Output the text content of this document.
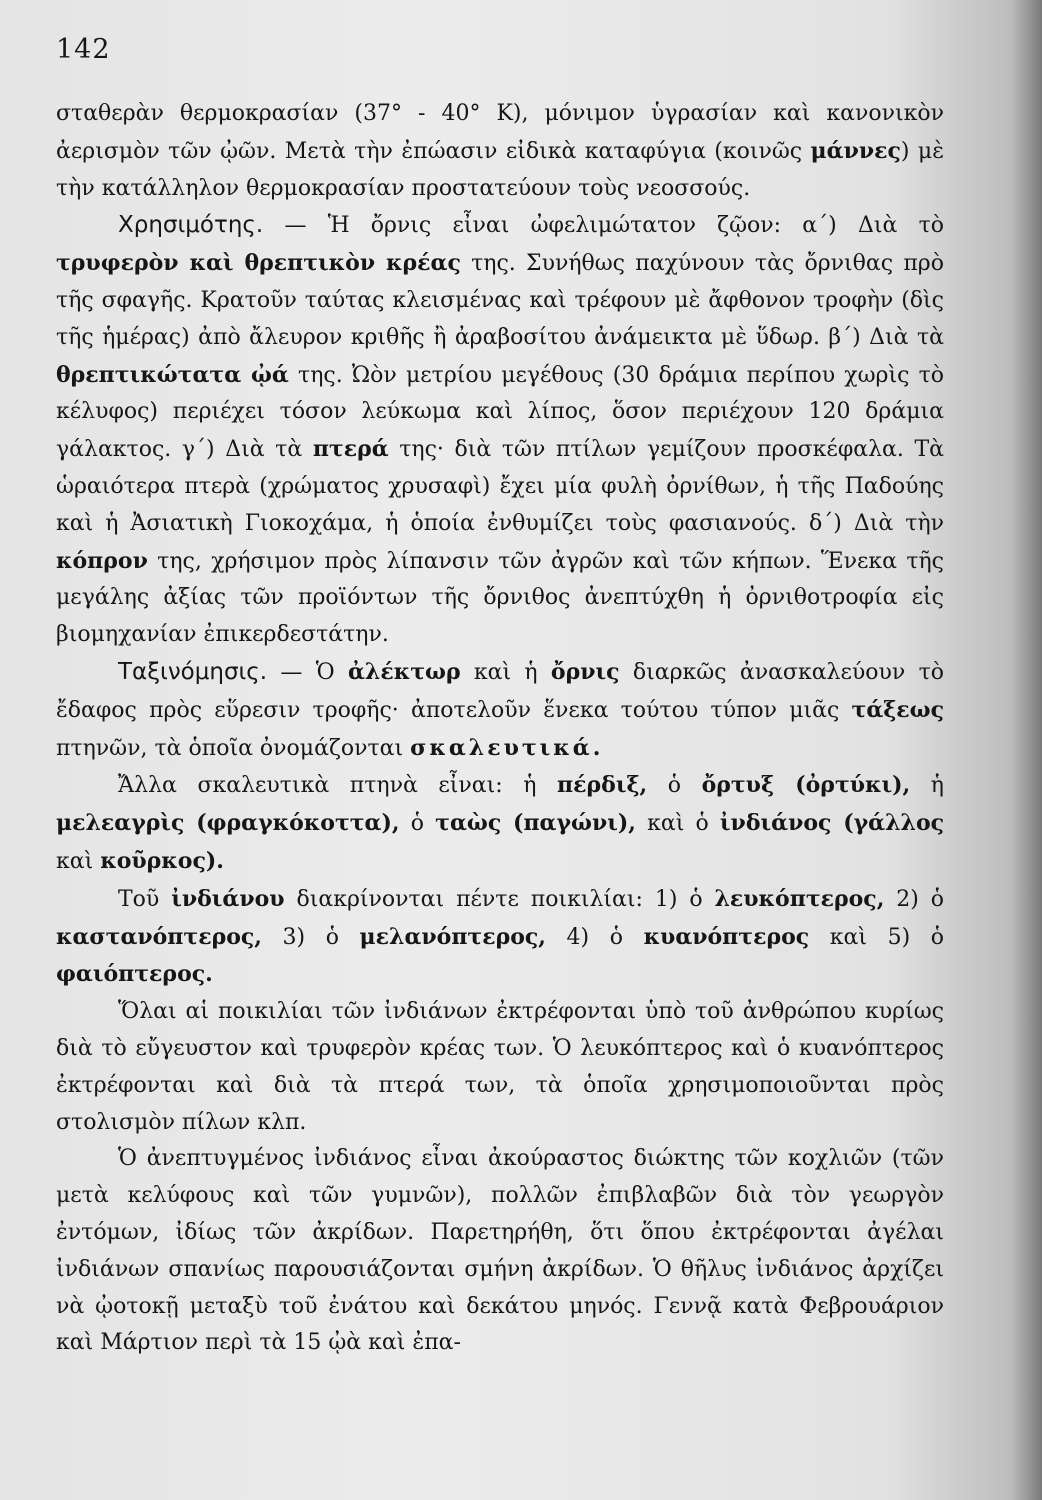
142

σταθερὰν θερμοκρασίαν (37° - 40° Κ), μόνιμον ὑγρασίαν καὶ κανονικὸν ἀερισμὸν τῶν ᾠῶν. Μετὰ τὴν ἐπώασιν εἰδικὰ καταφύγια (κοινῶς μάννες) μὲ τὴν κατάλληλον θερμοκρασίαν προστατεύουν τοὺς νεοσσούς.

Χρησιμότης. — Ἡ ὄρνις εἶναι ὠφελιμώτατον ζῷον: α΄) Διὰ τὸ τρυφερὸν καὶ θρεπτικὸν κρέας της. Συνήθως παχύνουν τὰς ὄρνιθας πρὸ τῆς σφαγῆς. Κρατοῦν ταύτας κλεισμένας καὶ τρέφουν μὲ ἄφθονον τροφὴν (δὶς τῆς ἡμέρας) ἀπὸ ἄλευρον κριθῆς ἢ ἀραβοσίτου ἀνάμεικτα μὲ ὕδωρ. β΄) Διὰ τὰ θρεπτικώτατα ᾠά της. Ὠὸν μετρίου μεγέθους (30 δράμια περίπου χωρὶς τὸ κέλυφος) περιέχει τόσον λεύκωμα καὶ λίπος, ὅσον περιέχουν 120 δράμια γάλακτος. γ΄) Διὰ τὰ πτερά της· διὰ τῶν πτίλων γεμίζουν προσκέφαλα. Τὰ ὡραιότερα πτερὰ (χρώματος χρυσαφὶ) ἔχει μία φυλὴ ὀρνίθων, ἡ τῆς Παδούης καὶ ἡ Ἀσιατικὴ Γιοκοχάμα, ἡ ὁποία ἐνθυμίζει τοὺς φασιανούς. δ΄) Διὰ τὴν κόπρον της, χρήσιμον πρὸς λίπανσιν τῶν ἀγρῶν καὶ τῶν κήπων. Ἕνεκα τῆς μεγάλης ἀξίας τῶν προϊόντων τῆς ὄρνιθος ἀνεπτύχθη ἡ ὀρνιθοτροφία εἰς βιομηχανίαν ἐπικερδεστάτην.

Ταξινόμησις. — Ὁ ἀλέκτωρ καὶ ἡ ὄρνις διαρκῶς ἀνασκαλεύουν τὸ ἔδαφος πρὸς εὕρεσιν τροφῆς· ἀποτελοῦν ἕνεκα τούτου τύπον μιᾶς τάξεως πτηνῶν, τὰ ὁποῖα ὀνομάζονται σκαλευτικά.

Ἄλλα σκαλευτικὰ πτηνὰ εἶναι: ἡ πέρδιξ, ὁ ὄρτυξ (ὀρτύκι), ἡ μελεαγρὶς (φραγκόκοττα), ὁ ταὼς (παγώνι), καὶ ὁ ἰνδιάνος (γάλλος καὶ κοῦρκος).

Τοῦ ἰνδιάνου διακρίνονται πέντε ποικιλίαι: 1) ὁ λευκόπτερος, 2) ὁ καστανόπτερος, 3) ὁ μελανόπτερος, 4) ὁ κυανόπτερος καὶ 5) ὁ φαιόπτερος.

Ὅλαι αἱ ποικιλίαι τῶν ἰνδιάνων ἐκτρέφονται ὑπὸ τοῦ ἀνθρώπου κυρίως διὰ τὸ εὔγευστον καὶ τρυφερὸν κρέας των. Ὁ λευκόπτερος καὶ ὁ κυανόπτερος ἐκτρέφονται καὶ διὰ τὰ πτερά των, τὰ ὁποῖα χρησιμοποιοῦνται πρὸς στολισμὸν πίλων κλπ.

Ὁ ἀνεπτυγμένος ἰνδιάνος εἶναι ἀκούραστος διώκτης τῶν κοχλιῶν (τῶν μετὰ κελύφους καὶ τῶν γυμνῶν), πολλῶν ἐπιβλαβῶν διὰ τὸν γεωργὸν ἐντόμων, ἰδίως τῶν ἀκρίδων. Παρετηρήθη, ὅτι ὅπου ἐκτρέφονται ἀγέλαι ἰνδιάνων σπανίως παρουσιάζονται σμήνη ἀκρίδων. Ὁ θῆλυς ἰνδιάνος ἀρχίζει νὰ ᾠοτοκῇ μεταξὺ τοῦ ἐνάτου καὶ δεκάτου μηνός. Γεννᾷ κατὰ Φεβρουάριον καὶ Μάρτιον περὶ τὰ 15 ᾠὰ καὶ ἐπα-
